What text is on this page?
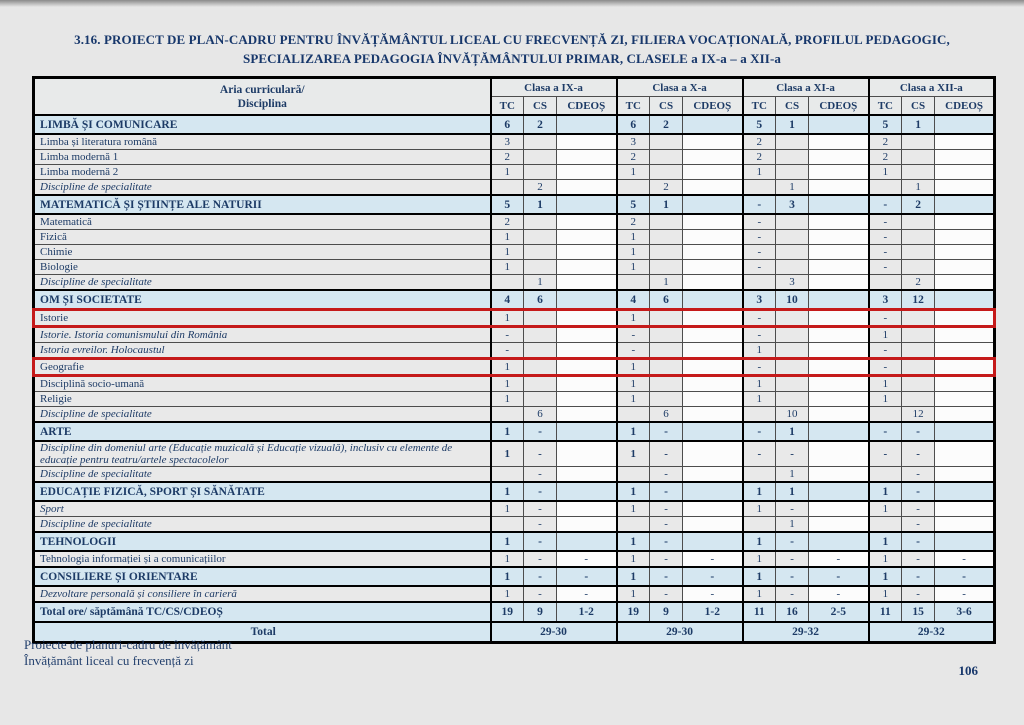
3.16. PROIECT DE PLAN-CADRU PENTRU ÎNVĂȚĂMÂNTUL LICEAL CU FRECVENȚĂ ZI, FILIERA VOCAȚIONALĂ, PROFILUL PEDAGOGIC,
SPECIALIZAREA PEDAGOGIA ÎNVĂȚĂMÂNTULUI PRIMAR, CLASELE a IX-a – a XII-a
Aria curriculară/
Disciplina	Clasa a IX-a			Clasa a X-a			Clasa a XI-a			Clasa a XII-a		
	TC	CS	CDEOȘ	TC	CS	CDEOȘ	TC	CS	CDEOȘ	TC	CS	CDEOȘ
LIMBĂ ȘI COMUNICARE	6	2		6	2		5	1		5	1	
Limba și literatura română	3			3			2			2		
Limba modernă 1	2			2			2			2		
Limba modernă 2	1			1			1			1		
Discipline de specialitate		2			2			1			1	
MATEMATICĂ ȘI ȘTIINȚE ALE NATURII	5	1		5	1		-	3		-	2	
Matematică	2			2			-			-		
Fizică	1			1			-			-		
Chimie	1			1			-			-		
Biologie	1			1			-			-		
Discipline de specialitate		1			1			3			2	
OM ȘI SOCIETATE	4	6		4	6		3	10		3	12	
Istorie	1			1			-			-		
Istorie. Istoria comunismului din România	-			-			-			1		
Istoria evreilor. Holocaustul	-			-			1			-		
Geografie	1			1			-			-		
Disciplină socio-umană	1			1			1			1		
Religie	1			1			1			1		
Discipline de specialitate		6			6			10			12	
ARTE	1	-		1	-		-	1		-	-	
Discipline din domeniul arte (Educație muzicală și Educație vizuală), inclusiv cu elemente de educație pentru teatru/artele spectacolelor	1	-		1	-		-	-		-	-	
Discipline de specialitate		-			-			1			-	
EDUCAȚIE FIZICĂ, SPORT ȘI SĂNĂTATE	1	-		1	-		1	1		1	-	
Sport	1	-		1	-		1	-		1	-	
Discipline de specialitate		-			-			1			-	
TEHNOLOGII	1	-		1	-		1	-		1	-	
Tehnologia informației și a comunicațiilor	1	-	-	1	-	-	1	-	-	1	-	-
CONSILIERE ȘI ORIENTARE	1	-	-	1	-	-	1	-	-	1	-	-
Dezvoltare personală și consiliere în carieră	1	-	-	1	-	-	1	-	-	1	-	-
Total ore/ săptămână TC/CS/CDEOȘ	19	9	1-2	19	9	1-2	11	16	2-5	11	15	3-6
Total	29-30			29-30			29-32			29-32		
Proiecte de planuri-cadru de învățământ
Învățământ liceal cu frecvență zi
106
